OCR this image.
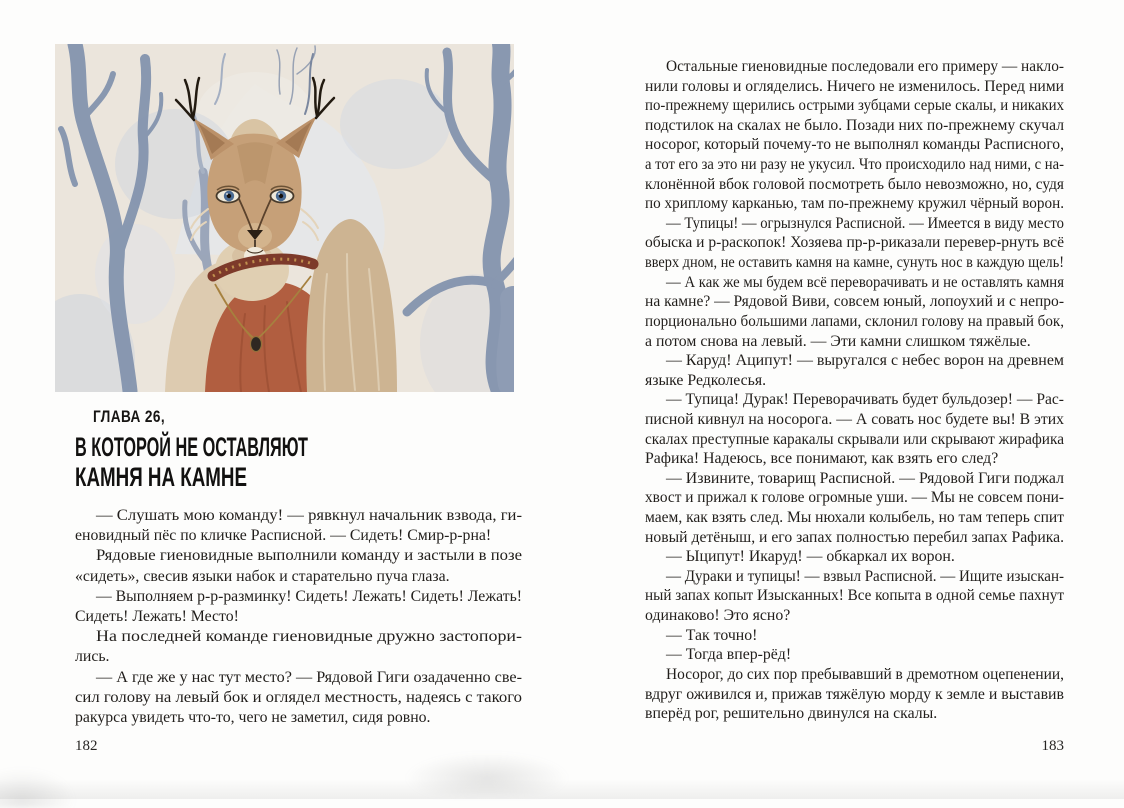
ГЛАВА 26,
В КОТОРОЙ НЕ ОСТАВЛЯЮТ
КАМНЯ НА КАМНЕ
— Слушать мою команду! — рявкнул начальник взвода, ги-
еновидный пёс по кличке Расписной. — Сидеть! Смир-р-рна!
Рядовые гиеновидные выполнили команду и застыли в позе
«сидеть», свесив языки набок и старательно пуча глаза.
— Выполняем р-р-разминку! Сидеть! Лежать! Сидеть! Лежать!
Сидеть! Лежать! Место!
На последней команде гиеновидные дружно застопори-
лись.
— А где же у нас тут место? — Рядовой Гиги озадаченно све-
сил голову на левый бок и оглядел местность, надеясь с такого
ракурса увидеть что-то, чего не заметил, сидя ровно.
Остальные гиеновидные последовали его примеру — накло-
нили головы и огляделись. Ничего не изменилось. Перед ними
по-прежнему щерились острыми зубцами серые скалы, и никаких
подстилок на скалах не было. Позади них по-прежнему скучал
носорог, который почему-то не выполнял команды Расписного,
а тот его за это ни разу не укусил. Что происходило над ними, с на-
клонённой вбок головой посмотреть было невозможно, но, судя
по хриплому карканью, там по-прежнему кружил чёрный ворон.
— Тупицы! — огрызнулся Расписной. — Имеется в виду место
обыска и р-раскопок! Хозяева пр-р-риказали перевер-рнуть всё
вверх дном, не оставить камня на камне, сунуть нос в каждую щель!
— А как же мы будем всё переворачивать и не оставлять камня
на камне? — Рядовой Виви, совсем юный, лопоухий и с непро-
порционально большими лапами, склонил голову на правый бок,
а потом снова на левый. — Эти камни слишком тяжёлые.
— Каруд! Аципут! — выругался с небес ворон на древнем
языке Редколесья.
— Тупица! Дурак! Переворачивать будет бульдозер! — Рас-
писной кивнул на носорога. — А совать нос будете вы! В этих
скалах преступные каракалы скрывали или скрывают жирафика
Рафика! Надеюсь, все понимают, как взять его след?
— Извините, товарищ Расписной. — Рядовой Гиги поджал
хвост и прижал к голове огромные уши. — Мы не совсем пони-
маем, как взять след. Мы нюхали колыбель, но там теперь спит
новый детёныш, и его запах полностью перебил запах Рафика.
— Ыципут! Икаруд! — обкаркал их ворон.
— Дураки и тупицы! — взвыл Расписной. — Ищите изыскан-
ный запах копыт Изысканных! Все копыта в одной семье пахнут
одинаково! Это ясно?
— Так точно!
— Тогда впер-рёд!
Носорог, до сих пор пребывавший в дремотном оцепенении,
вдруг оживился и, прижав тяжёлую морду к земле и выставив
вперёд рог, решительно двинулся на скалы.
182	183
